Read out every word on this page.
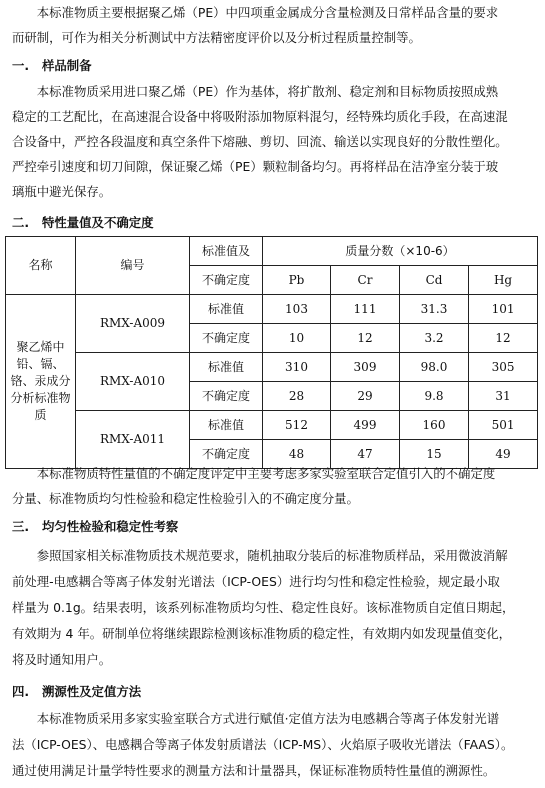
　　本标准物质主要根据聚乙烯（PE）中四项重金属成分含量检测及日常样品含量的要求

而研制，可作为相关分析测试中方法精密度评价以及分析过程质量控制等。

一. 样品制备

　　本标准物质采用进口聚乙烯（PE）作为基体，将扩散剂、稳定剂和目标物质按照成熟

稳定的工艺配比，在高速混合设备中将吸附添加物原料混匀，经特殊均质化手段，在高速混

合设备中，严控各段温度和真空条件下熔融、剪切、回流、输送以实现良好的分散性塑化。

严控牵引速度和切刀间隙，保证聚乙烯（PE）颗粒制备均匀。再将样品在洁净室分装于玻

璃瓶中避光保存。

二. 特性量值及不确定度
名称	编号	标准值及	质量分数（×10-6）			
		不确定度	Pb	Cr	Cd	Hg
聚乙烯中铅、镉、铬、汞成分分析标准物质	RMX-A009	标准值	103	111	31.3	101
		不确定度	10	12	3.2	12
	RMX-A010	标准值	310	309	98.0	305
		不确定度	28	29	9.8	31
	RMX-A011	标准值	512	499	160	501
		不确定度	48	47	15	49

　　本标准物质特性量值的不确定度评定中主要考虑多家实验室联合定值引入的不确定度

分量、标准物质均匀性检验和稳定性检验引入的不确定度分量。

三. 均匀性检验和稳定性考察

　　参照国家相关标准物质技术规范要求，随机抽取分装后的标准物质样品，采用微波消解

前处理-电感耦合等离子体发射光谱法（ICP-OES）进行均匀性和稳定性检验，规定最小取

样量为 0.1g。结果表明，该系列标准物质均匀性、稳定性良好。该标准物质自定值日期起，

有效期为 4 年。研制单位将继续跟踪检测该标准物质的稳定性，有效期内如发现量值变化，

将及时通知用户。

四. 溯源性及定值方法

　　本标准物质采用多家实验室联合方式进行赋值·定值方法为电感耦合等离子体发射光谱

法（ICP-OES）、电感耦合等离子体发射质谱法（ICP-MS）、火焰原子吸收光谱法（FAAS）。

通过使用满足计量学特性要求的测量方法和计量器具，保证标准物质特性量值的溯源性。
